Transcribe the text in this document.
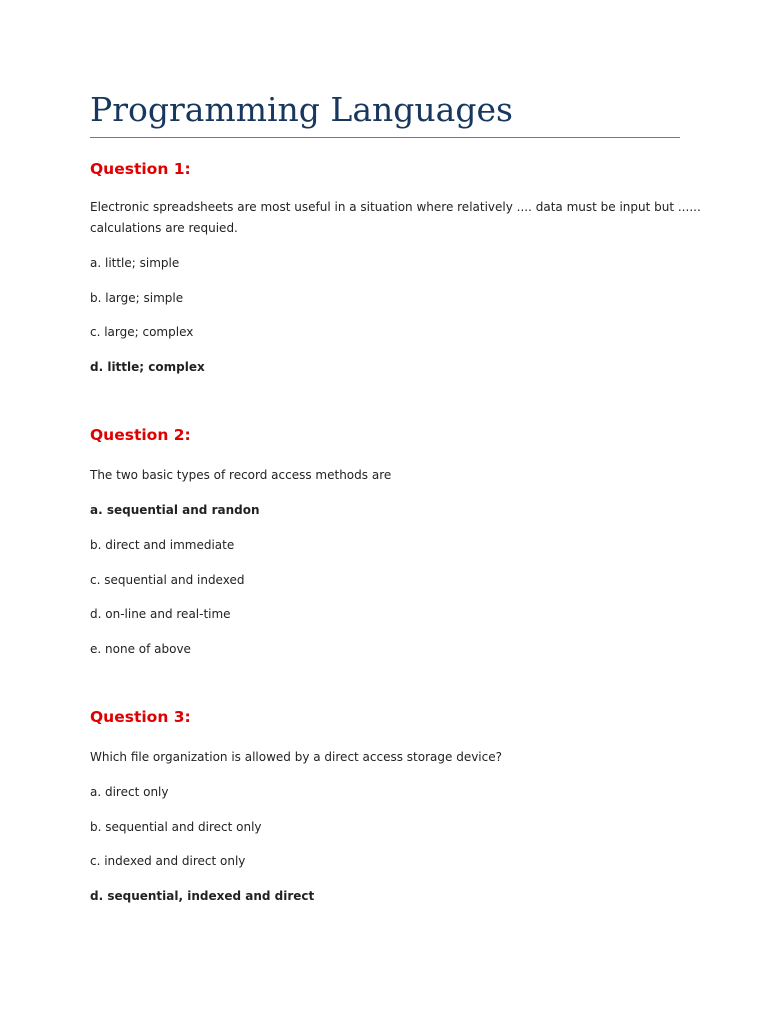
Programming Languages
Question 1:

Electronic spreadsheets are most useful in a situation where relatively .... data must be input but ......

calculations are requied.

a. little; simple

b. large; simple

c. large; complex

d. little; complex

Question 2:

The two basic types of record access methods are

a. sequential and randon

b. direct and immediate

c. sequential and indexed

d. on-line and real-time

e. none of above

Question 3:

Which file organization is allowed by a direct access storage device?

a. direct only

b. sequential and direct only

c. indexed and direct only

d. sequential, indexed and direct
